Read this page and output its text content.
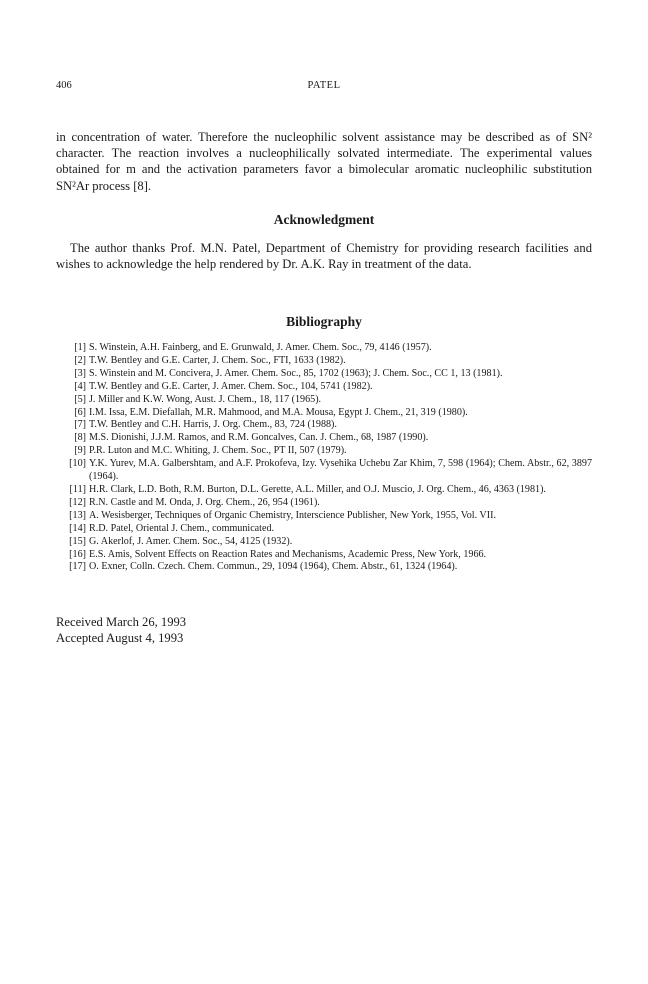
406	PATEL

in concentration of water. Therefore the nucleophilic solvent assistance may be described as of SN² character. The reaction involves a nucleophilically solvated intermediate. The experimental values obtained for m and the activation parameters favor a bimolecular aromatic nucleophilic substitution SN²Ar process [8].

Acknowledgment

The author thanks Prof. M.N. Patel, Department of Chemistry for providing research facilities and wishes to acknowledge the help rendered by Dr. A.K. Ray in treatment of the data.

Bibliography
[1] S. Winstein, A.H. Fainberg, and E. Grunwald, J. Amer. Chem. Soc., 79, 4146 (1957).
[2] T.W. Bentley and G.E. Carter, J. Chem. Soc., FTI, 1633 (1982).
[3] S. Winstein and M. Concivera, J. Amer. Chem. Soc., 85, 1702 (1963); J. Chem. Soc., CC 1, 13 (1981).
[4] T.W. Bentley and G.E. Carter, J. Amer. Chem. Soc., 104, 5741 (1982).
[5] J. Miller and K.W. Wong, Aust. J. Chem., 18, 117 (1965).
[6] I.M. Issa, E.M. Diefallah, M.R. Mahmood, and M.A. Mousa, Egypt J. Chem., 21, 319 (1980).
[7] T.W. Bentley and C.H. Harris, J. Org. Chem., 83, 724 (1988).
[8] M.S. Dionishi, J.J.M. Ramos, and R.M. Goncalves, Can. J. Chem., 68, 1987 (1990).
[9] P.R. Luton and M.C. Whiting, J. Chem. Soc., PT II, 507 (1979).
[10] Y.K. Yurev, M.A. Galbershtam, and A.F. Prokofeva, Izy. Vysehika Uchebu Zar Khim, 7, 598 (1964); Chem. Abstr., 62, 3897 (1964).
[11] H.R. Clark, L.D. Both, R.M. Burton, D.L. Gerette, A.L. Miller, and O.J. Muscio, J. Org. Chem., 46, 4363 (1981).
[12] R.N. Castle and M. Onda, J. Org. Chem., 26, 954 (1961).
[13] A. Wesisberger, Techniques of Organic Chemistry, Interscience Publisher, New York, 1955, Vol. VII.
[14] R.D. Patel, Oriental J. Chem., communicated.
[15] G. Akerlof, J. Amer. Chem. Soc., 54, 4125 (1932).
[16] E.S. Amis, Solvent Effects on Reaction Rates and Mechanisms, Academic Press, New York, 1966.
[17] O. Exner, Colln. Czech. Chem. Commun., 29, 1094 (1964), Chem. Abstr., 61, 1324 (1964).
Received March 26, 1993
Accepted August 4, 1993
